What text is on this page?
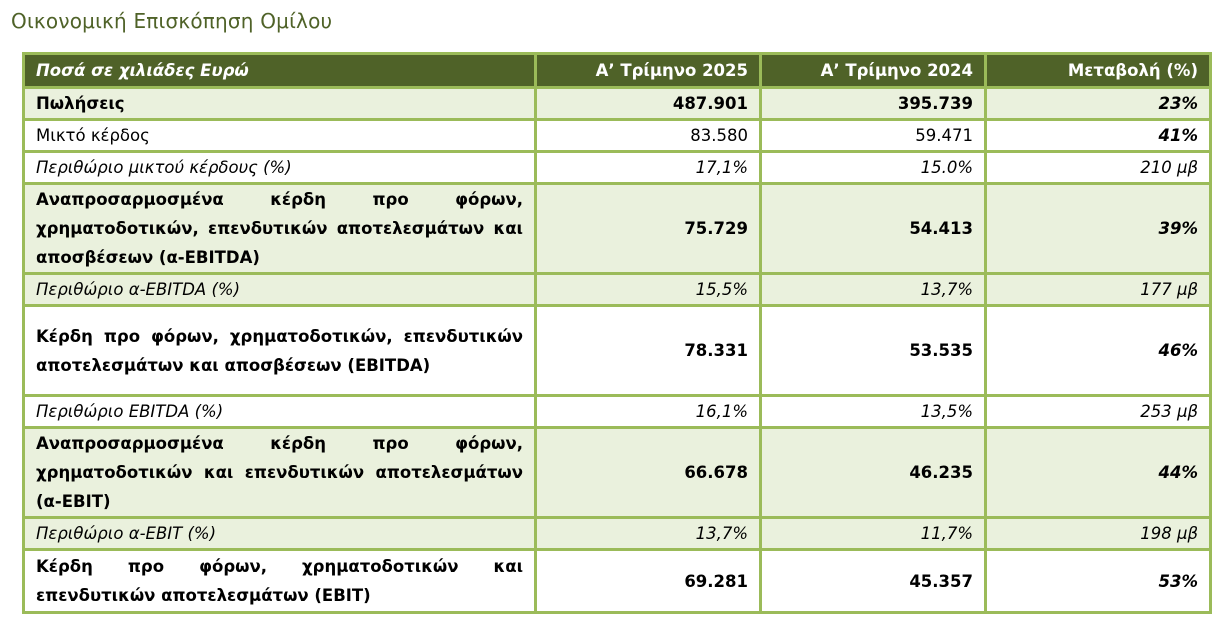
Οικονομική Επισκόπηση Ομίλου
Ποσά σε χιλιάδες Ευρώ	Α’ Τρίμηνο 2025	Α’ Τρίμηνο 2024	Μεταβολή (%)
Πωλήσεις	487.901	395.739	23%
Μικτό κέρδος	83.580	59.471	41%
Περιθώριο μικτού κέρδους (%)	17,1%	15.0%	210 μβ
Αναπροσαρμοσμένα κέρδη προ φόρων, χρηματοδοτικών, επενδυτικών αποτελεσμάτων και αποσβέσεων (α-EBITDA)	75.729	54.413	39%
Περιθώριο α-EBITDA (%)	15,5%	13,7%	177 μβ
Κέρδη προ φόρων, χρηματοδοτικών, επενδυτικών αποτελεσμάτων και αποσβέσεων (EBITDA)	78.331	53.535	46%
Περιθώριο EBITDA (%)	16,1%	13,5%	253 μβ
Αναπροσαρμοσμένα κέρδη προ φόρων, χρηματοδοτικών και επενδυτικών αποτελεσμάτων (α-EBIT)	66.678	46.235	44%
Περιθώριο α-EBIT (%)	13,7%	11,7%	198 μβ
Κέρδη προ φόρων, χρηματοδοτικών και επενδυτικών αποτελεσμάτων (EBIT)	69.281	45.357	53%
